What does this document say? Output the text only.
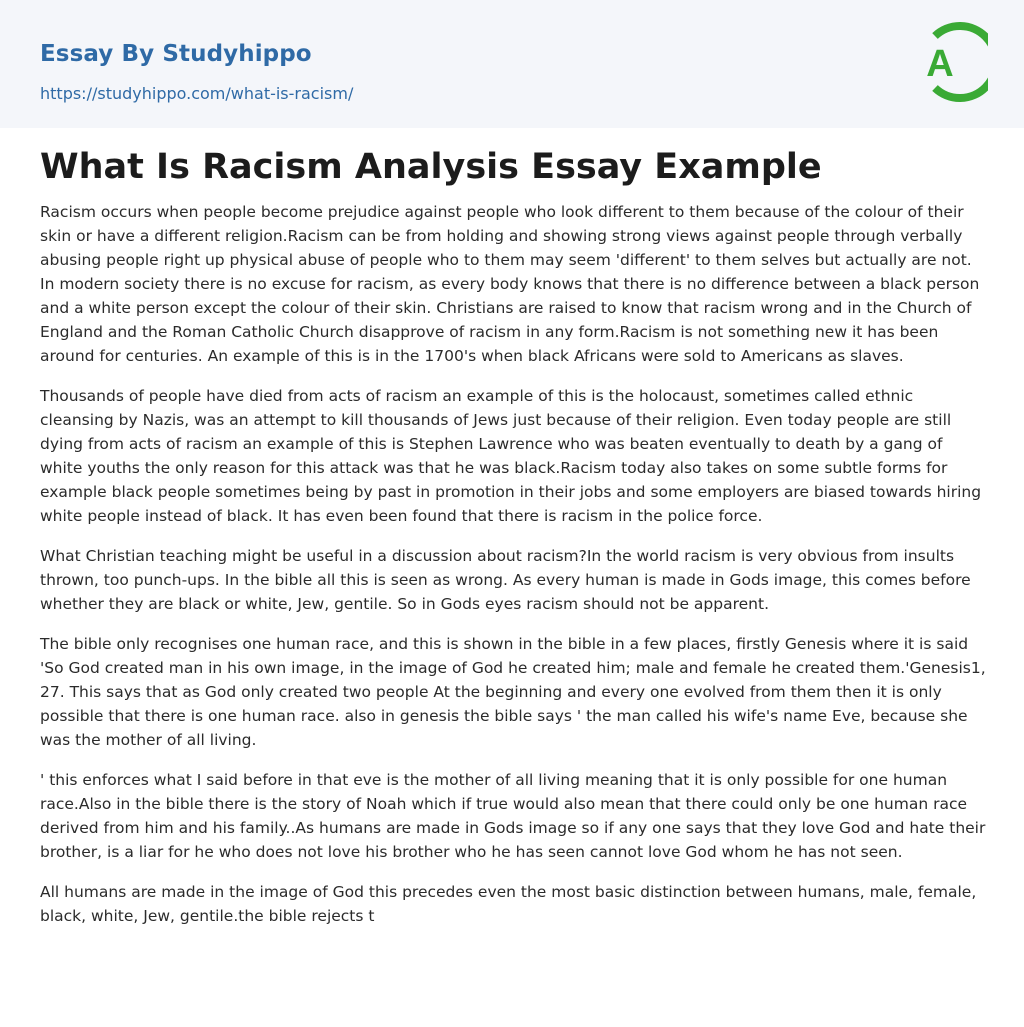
Essay By Studyhippo
https://studyhippo.com/what-is-racism/
A
What Is Racism Analysis Essay Example

Racism occurs when people become prejudice against people who look different to them because of the colour of their skin or have a different religion.Racism can be from holding and showing strong views against people through verbally abusing people right up physical abuse of people who to them may seem 'different' to them selves but actually are not. In modern society there is no excuse for racism, as every body knows that there is no difference between a black person and a white person except the colour of their skin. Christians are raised to know that racism wrong and in the Church of England and the Roman Catholic Church disapprove of racism in any form.Racism is not something new it has been around for centuries. An example of this is in the 1700's when black Africans were sold to Americans as slaves.

Thousands of people have died from acts of racism an example of this is the holocaust, sometimes called ethnic cleansing by Nazis, was an attempt to kill thousands of Jews just because of their religion. Even today people are still dying from acts of racism an example of this is Stephen Lawrence who was beaten eventually to death by a gang of white youths the only reason for this attack was that he was black.Racism today also takes on some subtle forms for example black people sometimes being by past in promotion in their jobs and some employers are biased towards hiring white people instead of black. It has even been found that there is racism in the police force.

What Christian teaching might be useful in a discussion about racism?In the world racism is very obvious from insults thrown, too punch-ups. In the bible all this is seen as wrong. As every human is made in Gods image, this comes before whether they are black or white, Jew, gentile. So in Gods eyes racism should not be apparent.

The bible only recognises one human race, and this is shown in the bible in a few places, firstly Genesis where it is said 'So God created man in his own image, in the image of God he created him; male and female he created them.'Genesis1, 27. This says that as God only created two people At the beginning and every one evolved from them then it is only possible that there is one human race. also in genesis the bible says ' the man called his wife's name Eve, because she was the mother of all living.

' this enforces what I said before in that eve is the mother of all living meaning that it is only possible for one human race.Also in the bible there is the story of Noah which if true would also mean that there could only be one human race derived from him and his family..As humans are made in Gods image so if any one says that they love God and hate their brother, is a liar for he who does not love his brother who he has seen cannot love God whom he has not seen.

All humans are made in the image of God this precedes even the most basic distinction between humans, male, female, black, white, Jew, gentile.the bible rejects t
